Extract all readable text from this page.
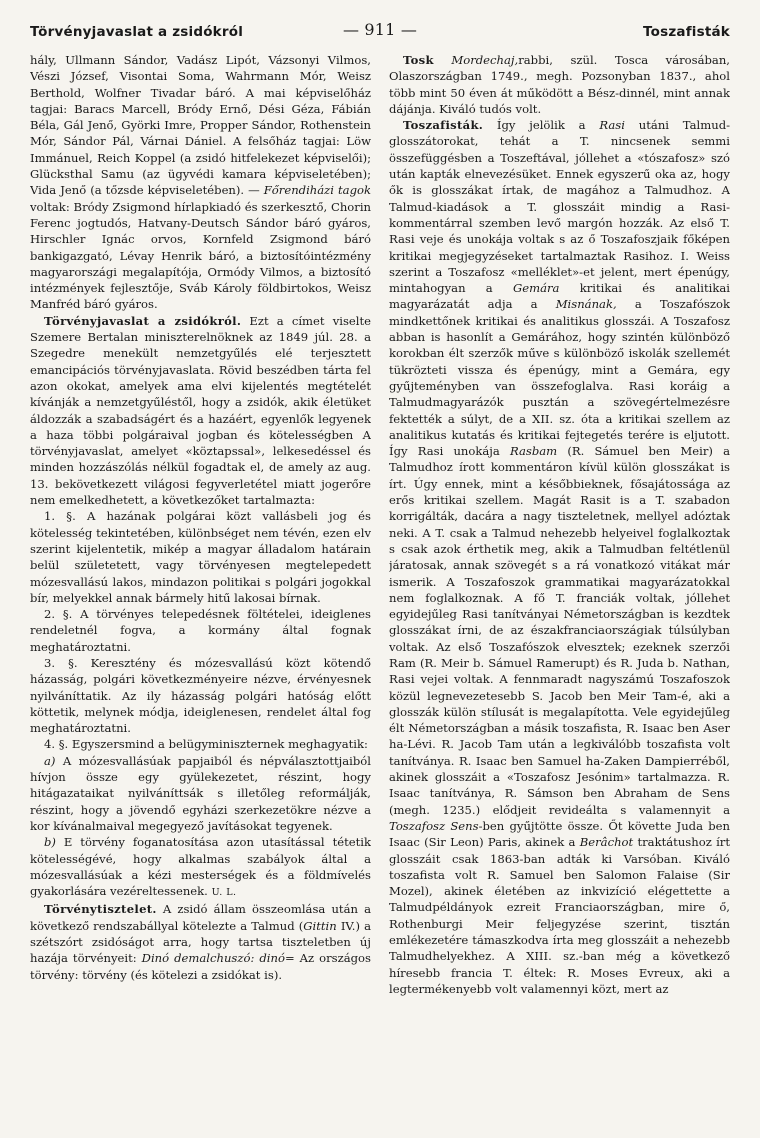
Törvényjavaslat a zsidókról	— 911 —	Toszafisták

hály, Ullmann Sándor, Vadász Lipót, Vázsonyi Vilmos, Vészi József, Visontai Soma, Wahrmann Mór, Weisz Berthold, Wolfner Tivadar báró. A mai képviselőház tagjai: Baracs Marcell, Bródy Ernő, Dési Géza, Fábián Béla, Gál Jenő, Györki Imre, Propper Sándor, Rothenstein Mór, Sándor Pál, Várnai Dániel. A felsőház tagjai: Löw Immánuel, Reich Koppel (a zsidó hitfelekezet képviselői); Glücksthal Samu (az ügyvédi kamara képviseletében); Vida Jenő (a tőzsde képviseletében). — Főrendiházi tagok voltak: Bródy Zsigmond hírlapkiadó és szerkesztő, Chorin Ferenc jogtudós, Hatvany-Deutsch Sándor báró gyáros, Hirschler Ignác orvos, Kornfeld Zsigmond báró bankigazgató, Lévay Henrik báró, a biztosítóintézmény magyarországi megalapítója, Ormódy Vilmos, a biztosító intézmények fejlesztője, Sváb Károly földbirtokos, Weisz Manfréd báró gyáros.

Törvényjavaslat a zsidókról. Ezt a címet viselte Szemere Bertalan miniszterelnöknek az 1849 júl. 28. a Szegedre menekült nemzetgyűlés elé terjesztett emancipációs törvényjavaslata. Rövid beszédben tárta fel azon okokat, amelyek ama elvi kijelentés megtételét kívánják a nemzetgyűléstől, hogy a zsidók, akik életüket áldozzák a szabadságért és a hazáért, egyenlők legyenek a haza többi polgáraival jogban és kötelességben A törvényjavaslat, amelyet «köztapssal», lelkesedéssel és minden hozzászólás nélkül fogadtak el, de amely az aug. 13. bekövetkezett világosi fegyverletétel miatt jogerőre nem emelkedhetett, a következőket tartalmazta:

1. §. A hazának polgárai közt vallásbeli jog és kötelesség tekintetében, különbséget nem tévén, ezen elv szerint kijelentetik, mikép a magyar álladalom határain belül születetett, vagy törvényesen megtelepedett mózesvallású lakos, mindazon politikai s polgári jogokkal bír, melyekkel annak bármely hitű lakosai bírnak.

2. §. A törvényes telepedésnek föltételei, ideiglenes rendeletnél fogva, a kormány által fognak meghatároztatni.

3. §. Keresztény és mózesvallású közt kötendő házasság, polgári következményeire nézve, érvényesnek nyilváníttatik. Az ily házasság polgári hatóság előtt köttetik, melynek módja, ideiglenesen, rendelet által fog meghatároztatni.

4. §. Egyszersmind a belügyminiszternek meghagyatik:

a) A mózesvallásúak papjaiból és népválasztottjaiból hívjon össze egy gyülekezetet, részint, hogy hitágazataikat nyilváníttsák s illetőleg reformálják, részint, hogy a jövendő egyházi szerkezetökre nézve a kor kívánalmaival megegyező javításokat tegyenek.

b) E törvény foganatosítása azon utasítással tétetik kötelességévé, hogy alkalmas szabályok által a mózesvallásúak a kézi mesterségek és a földmívelés gyakorlására vezéreltessenek. U. L.

Törvénytisztelet. A zsidó állam összeomlása után a következő rendszabállyal kötelezte a Talmud (Gittin IV.) a szétszórt zsidóságot arra, hogy tartsa tiszteletben új hazája törvényeit: Dinó demalchuszó: dinó= Az országos törvény: törvény (és kötelezi a zsidókat is).

Tosk Mordechaj,rabbi, szül. Tosca városában, Olaszországban 1749., megh. Pozsonyban 1837., ahol több mint 50 éven át működött a Bész-dinnél, mint annak dájánja. Kiváló tudós volt.

Toszafisták. Így jelölik a Rasi utáni Talmud-glosszátorokat, tehát a T. nincsenek semmi összefüggésben a Toszeftával, jóllehet a «tószafosz» szó után kapták elnevezésüket. Ennek egyszerű oka az, hogy ők is glosszákat írtak, de magához a Talmudhoz. A Talmud-kiadások a T. glosszáit mindig a Rasi-kommentárral szemben levő margón hozzák. Az első T. Rasi veje és unokája voltak s az ő Toszafoszjaik főképen kritikai megjegyzéseket tartalmaztak Rasihoz. I. Weiss szerint a Toszafosz «melléklet»-et jelent, mert épenúgy, mintahogyan a Gemára kritikai és analitikai magyarázatát adja a Misnának, a Toszafószok mindkettőnek kritikai és analitikus glosszái. A Toszafosz abban is hasonlít a Gemárához, hogy szintén különböző korokban élt szerzők műve s különböző iskolák szellemét tükrözteti vissza és épenúgy, mint a Gemára, egy gyűjteményben van összefoglalva. Rasi koráig a Talmudmagyarázók pusztán a szövegértelmezésre fektették a súlyt, de a XII. sz. óta a kritikai szellem az analitikus kutatás és kritikai fejtegetés terére is eljutott. Így Rasi unokája Rasbam (R. Sámuel ben Meir) a Talmudhoz írott kommentáron kívül külön glosszákat is írt. Úgy ennek, mint a későbbieknek, fősajátossága az erős kritikai szellem. Magát Rasit is a T. szabadon korrigálták, dacára a nagy tiszteletnek, mellyel adóztak neki. A T. csak a Talmud nehezebb helyeivel foglalkoztak s csak azok érthetik meg, akik a Talmudban feltétlenül járatosak, annak szövegét s a rá vonatkozó vitákat már ismerik. A Toszafoszok grammatikai magyarázatokkal nem foglalkoznak. A fő T. franciák voltak, jóllehet egyidejűleg Rasi tanítványai Németországban is kezdtek glosszákat írni, de az északfranciaországiak túlsúlyban voltak. Az első Toszafószok elvesztek; ezeknek szerzői Ram (R. Meir b. Sámuel Ramerupt) és R. Juda b. Nathan, Rasi vejei voltak. A fennmaradt nagyszámú Toszafoszok közül legnevezetesebb S. Jacob ben Meir Tam-é, aki a glosszák külön stílusát is megalapította. Vele egyidejűleg élt Németországban a másik toszafista, R. Isaac ben Aser ha-Lévi. R. Jacob Tam után a legkiválóbb toszafista volt tanítványa. R. Isaac ben Samuel ha-Zaken Dampierréből, akinek glosszáit a «Toszafosz Jesónim» tartalmazza. R. Isaac tanítványa, R. Sámson ben Abraham de Sens (megh. 1235.) elődjeit revideálta s valamennyit a Toszafosz Sens-ben gyűjtötte össze. Őt követte Juda ben Isaac (Sir Leon) Paris, akinek a Berâchot traktátushoz írt glosszáit csak 1863-ban adták ki Varsóban. Kiváló toszafista volt R. Samuel ben Salomon Falaise (Sir Mozel), akinek életében az inkvizíció elégettette a Talmudpéldányok ezreit Franciaországban, mire ő, Rothenburgi Meir feljegyzése szerint, tisztán emlékezetére támaszkodva írta meg glosszáit a nehezebb Talmudhelyekhez. A XIII. sz.-ban még a következő híresebb francia T. éltek: R. Moses Evreux, aki a legtermékenyebb volt valamennyi közt, mert az
